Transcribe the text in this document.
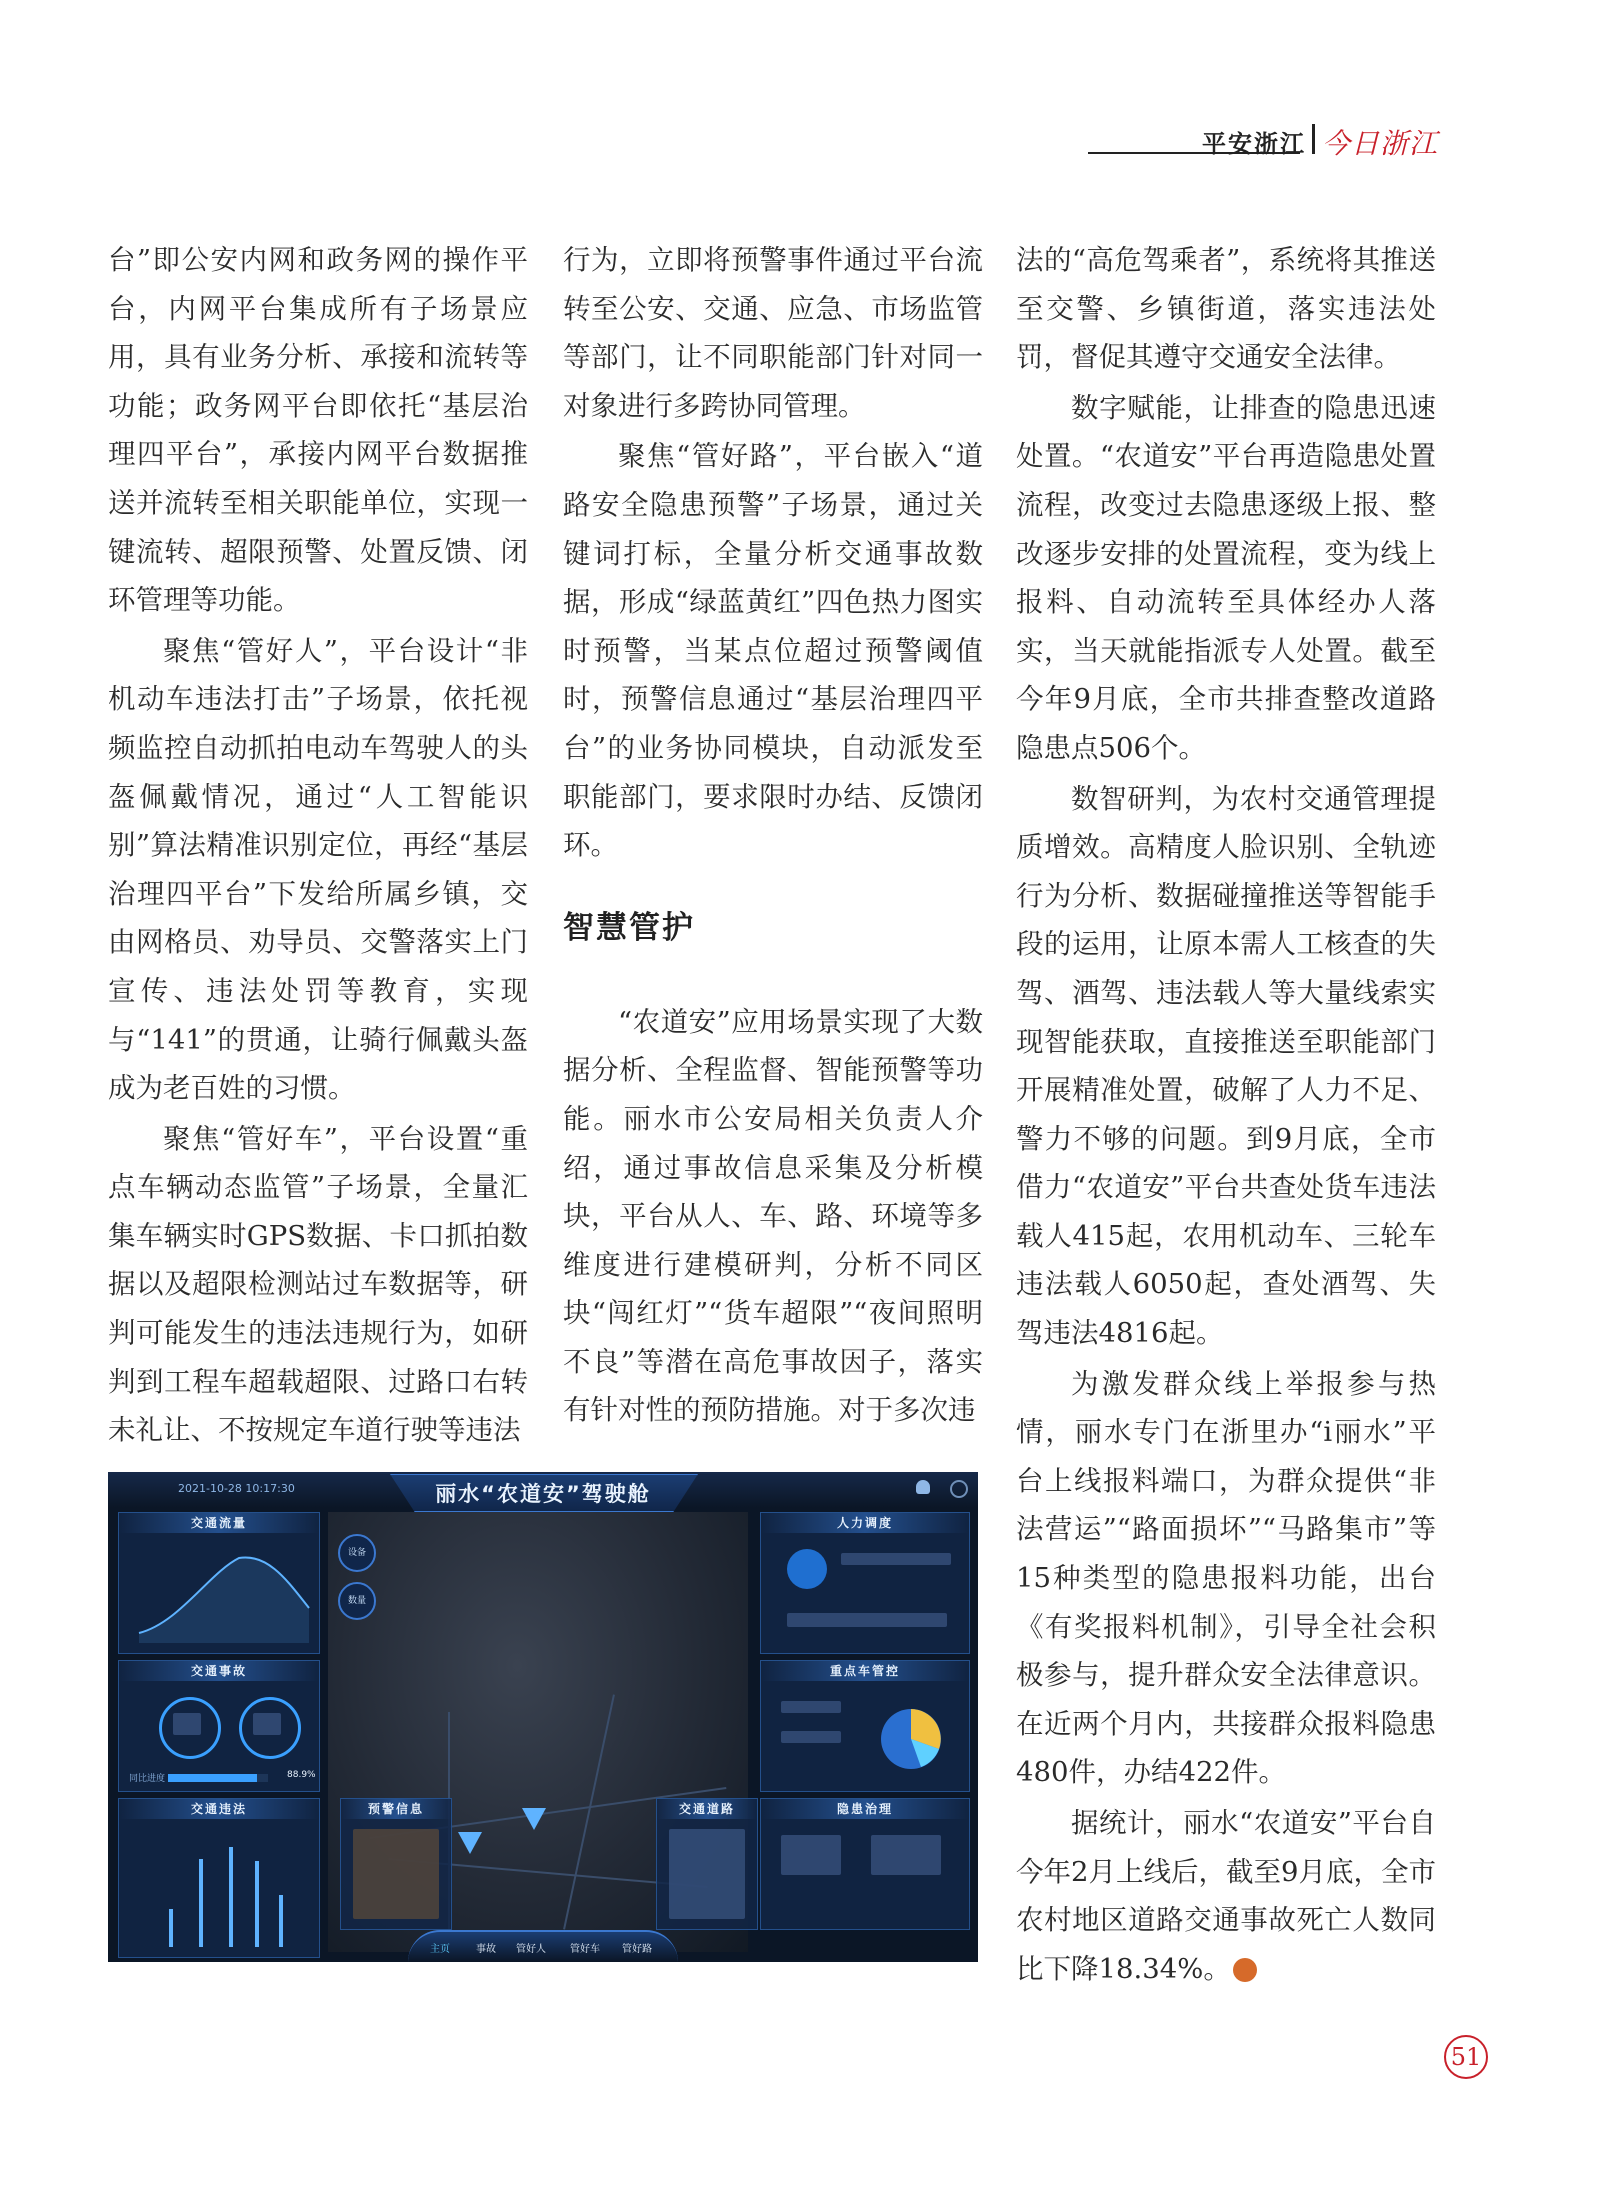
平安浙江 今日浙江

台”即公安内网和政务网的操作平台，内网平台集成所有子场景应用，具有业务分析、承接和流转等功能；政务网平台即依托“基层治理四平台”，承接内网平台数据推送并流转至相关职能单位，实现一键流转、超限预警、处置反馈、闭环管理等功能。

聚焦“管好人”，平台设计“非机动车违法打击”子场景，依托视频监控自动抓拍电动车驾驶人的头盔佩戴情况，通过“人工智能识别”算法精准识别定位，再经“基层治理四平台”下发给所属乡镇，交由网格员、劝导员、交警落实上门宣传、违法处罚等教育，实现与“141”的贯通，让骑行佩戴头盔成为老百姓的习惯。

聚焦“管好车”，平台设置“重点车辆动态监管”子场景，全量汇集车辆实时GPS数据、卡口抓拍数据以及超限检测站过车数据等，研判可能发生的违法违规行为，如研判到工程车超载超限、过路口右转未礼让、不按规定车道行驶等违法

行为，立即将预警事件通过平台流转至公安、交通、应急、市场监管等部门，让不同职能部门针对同一对象进行多跨协同管理。

聚焦“管好路”，平台嵌入“道路安全隐患预警”子场景，通过关键词打标，全量分析交通事故数据，形成“绿蓝黄红”四色热力图实时预警，当某点位超过预警阈值时，预警信息通过“基层治理四平台”的业务协同模块，自动派发至职能部门，要求限时办结、反馈闭环。

智慧管护

“农道安”应用场景实现了大数据分析、全程监督、智能预警等功能。丽水市公安局相关负责人介绍，通过事故信息采集及分析模块，平台从人、车、路、环境等多维度进行建模研判，分析不同区块“闯红灯”“货车超限”“夜间照明不良”等潜在高危事故因子，落实有针对性的预防措施。对于多次违

法的“高危驾乘者”，系统将其推送至交警、乡镇街道，落实违法处罚，督促其遵守交通安全法律。

数字赋能，让排查的隐患迅速处置。“农道安”平台再造隐患处置流程，改变过去隐患逐级上报、整改逐步安排的处置流程，变为线上报料、自动流转至具体经办人落实，当天就能指派专人处置。截至今年9月底，全市共排查整改道路隐患点506个。

数智研判，为农村交通管理提质增效。高精度人脸识别、全轨迹行为分析、数据碰撞推送等智能手段的运用，让原本需人工核查的失驾、酒驾、违法载人等大量线索实现智能获取，直接推送至职能部门开展精准处置，破解了人力不足、警力不够的问题。到9月底，全市借力“农道安”平台共查处货车违法载人415起，农用机动车、三轮车违法载人6050起，查处酒驾、失驾违法4816起。

为激发群众线上举报参与热情，丽水专门在浙里办“i丽水”平台上线报料端口，为群众提供“非法营运”“路面损坏”“马路集市”等15种类型的隐患报料功能，出台《有奖报料机制》，引导全社会积极参与，提升群众安全法律意识。在近两个月内，共接群众报料隐患480件，办结422件。

据统计，丽水“农道安”平台自今年2月上线后，截至9月底，全市农村地区道路交通事故死亡人数同比下降18.34%。

2021-10-28 10:17:30	丽水“农道安”驾驶舱
设备
数量
交通流量
交通事故
同比进度	88.9%
交通违法	预警信息	交通道路
人力调度
重点车管控
隐患治理
主页	事故 管好人 管好车 管好路
51
